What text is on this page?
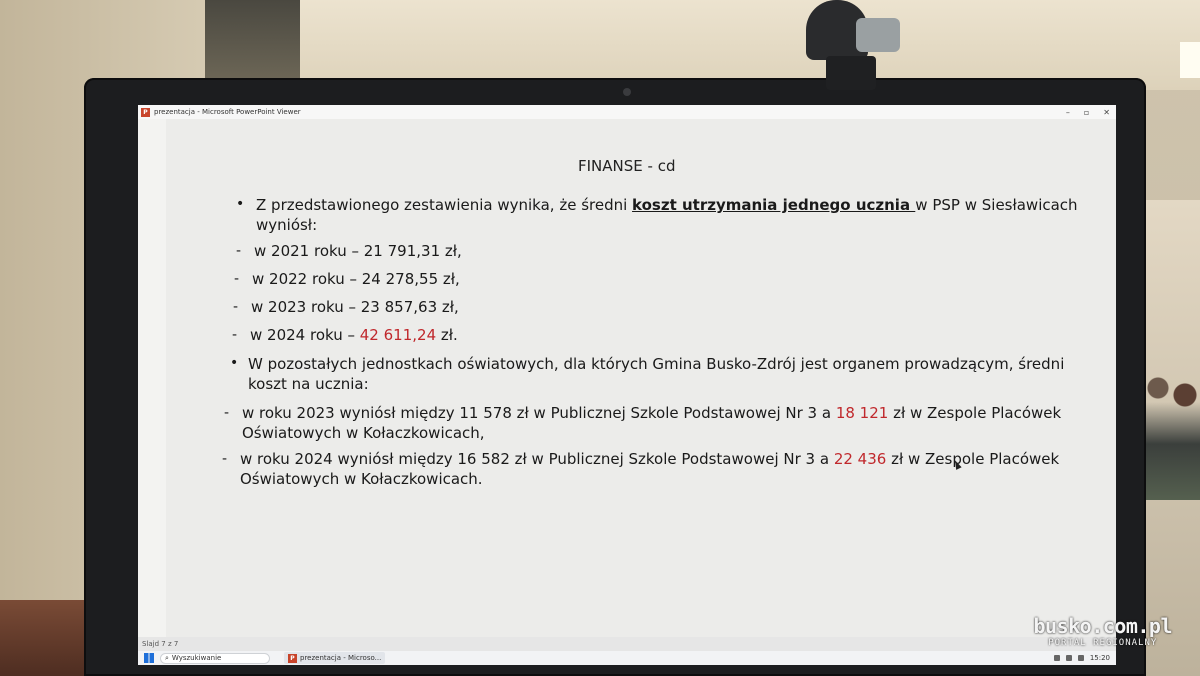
P prezentacja - Microsoft PowerPoint Viewer	– ▫ ✕
FINANSE - cd
• Z przedstawionego zestawienia wynika, że średni koszt utrzymania jednego ucznia w PSP w Siesławicach
wyniósł:
- w 2021 roku – 21 791,31 zł,
- w 2022 roku – 24 278,55 zł,
- w 2023 roku – 23 857,63 zł,
- w 2024 roku – 42 611,24 zł.
• W pozostałych jednostkach oświatowych, dla których Gmina Busko-Zdrój jest organem prowadzącym, średni
koszt na ucznia:
- w roku 2023 wyniósł między 11 578 zł w Publicznej Szkole Podstawowej Nr 3 a 18 121 zł w Zespole Placówek
Oświatowych w Kołaczkowicach,
- w roku 2024 wyniósł między 16 582 zł w Publicznej Szkole Podstawowej Nr 3 a 22 436 zł w Zespole Placówek
Oświatowych w Kołaczkowicach.
Slajd 7 z 7
⌕ Wyszukiwanie	P prezentacja - Microso...	15:20
busko.com.pl
PORTAL REGIONALNY
